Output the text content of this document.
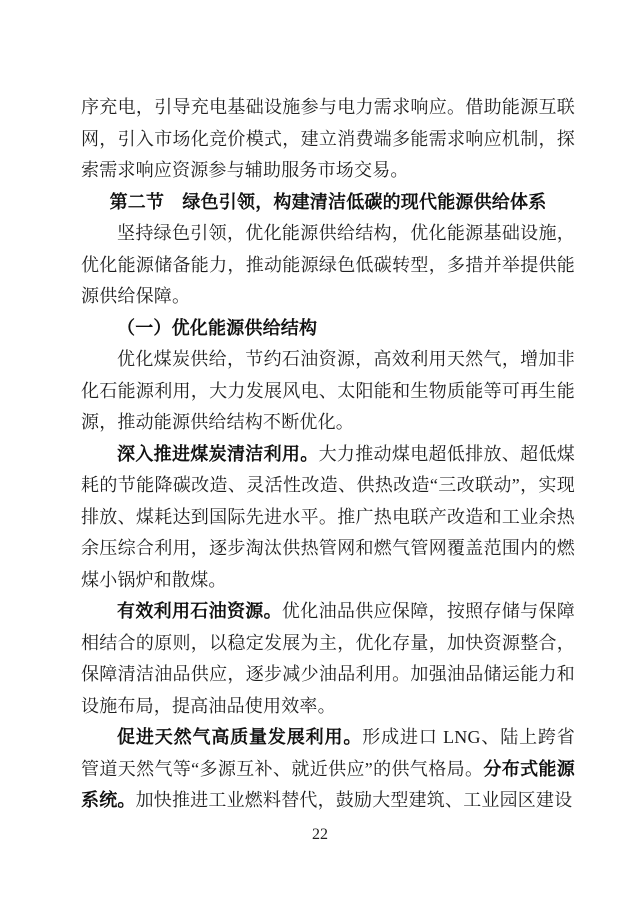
序充电，引导充电基础设施参与电力需求响应。借助能源互联网，引入市场化竞价模式，建立消费端多能需求响应机制，探索需求响应资源参与辅助服务市场交易。

第二节　绿色引领，构建清洁低碳的现代能源供给体系

坚持绿色引领，优化能源供给结构，优化能源基础设施，优化能源储备能力，推动能源绿色低碳转型，多措并举提供能源供给保障。

（一）优化能源供给结构

优化煤炭供给，节约石油资源，高效利用天然气，增加非化石能源利用，大力发展风电、太阳能和生物质能等可再生能源，推动能源供给结构不断优化。

深入推进煤炭清洁利用。大力推动煤电超低排放、超低煤耗的节能降碳改造、灵活性改造、供热改造“三改联动”，实现排放、煤耗达到国际先进水平。推广热电联产改造和工业余热余压综合利用，逐步淘汰供热管网和燃气管网覆盖范围内的燃煤小锅炉和散煤。

有效利用石油资源。优化油品供应保障，按照存储与保障相结合的原则，以稳定发展为主，优化存量，加快资源整合，保障清洁油品供应，逐步减少油品利用。加强油品储运能力和设施布局，提高油品使用效率。

促进天然气高质量发展利用。形成进口 LNG、陆上跨省管道天然气等“多源互补、就近供应”的供气格局。分布式能源系统。加快推进工业燃料替代，鼓励大型建筑、工业园区建设

22
